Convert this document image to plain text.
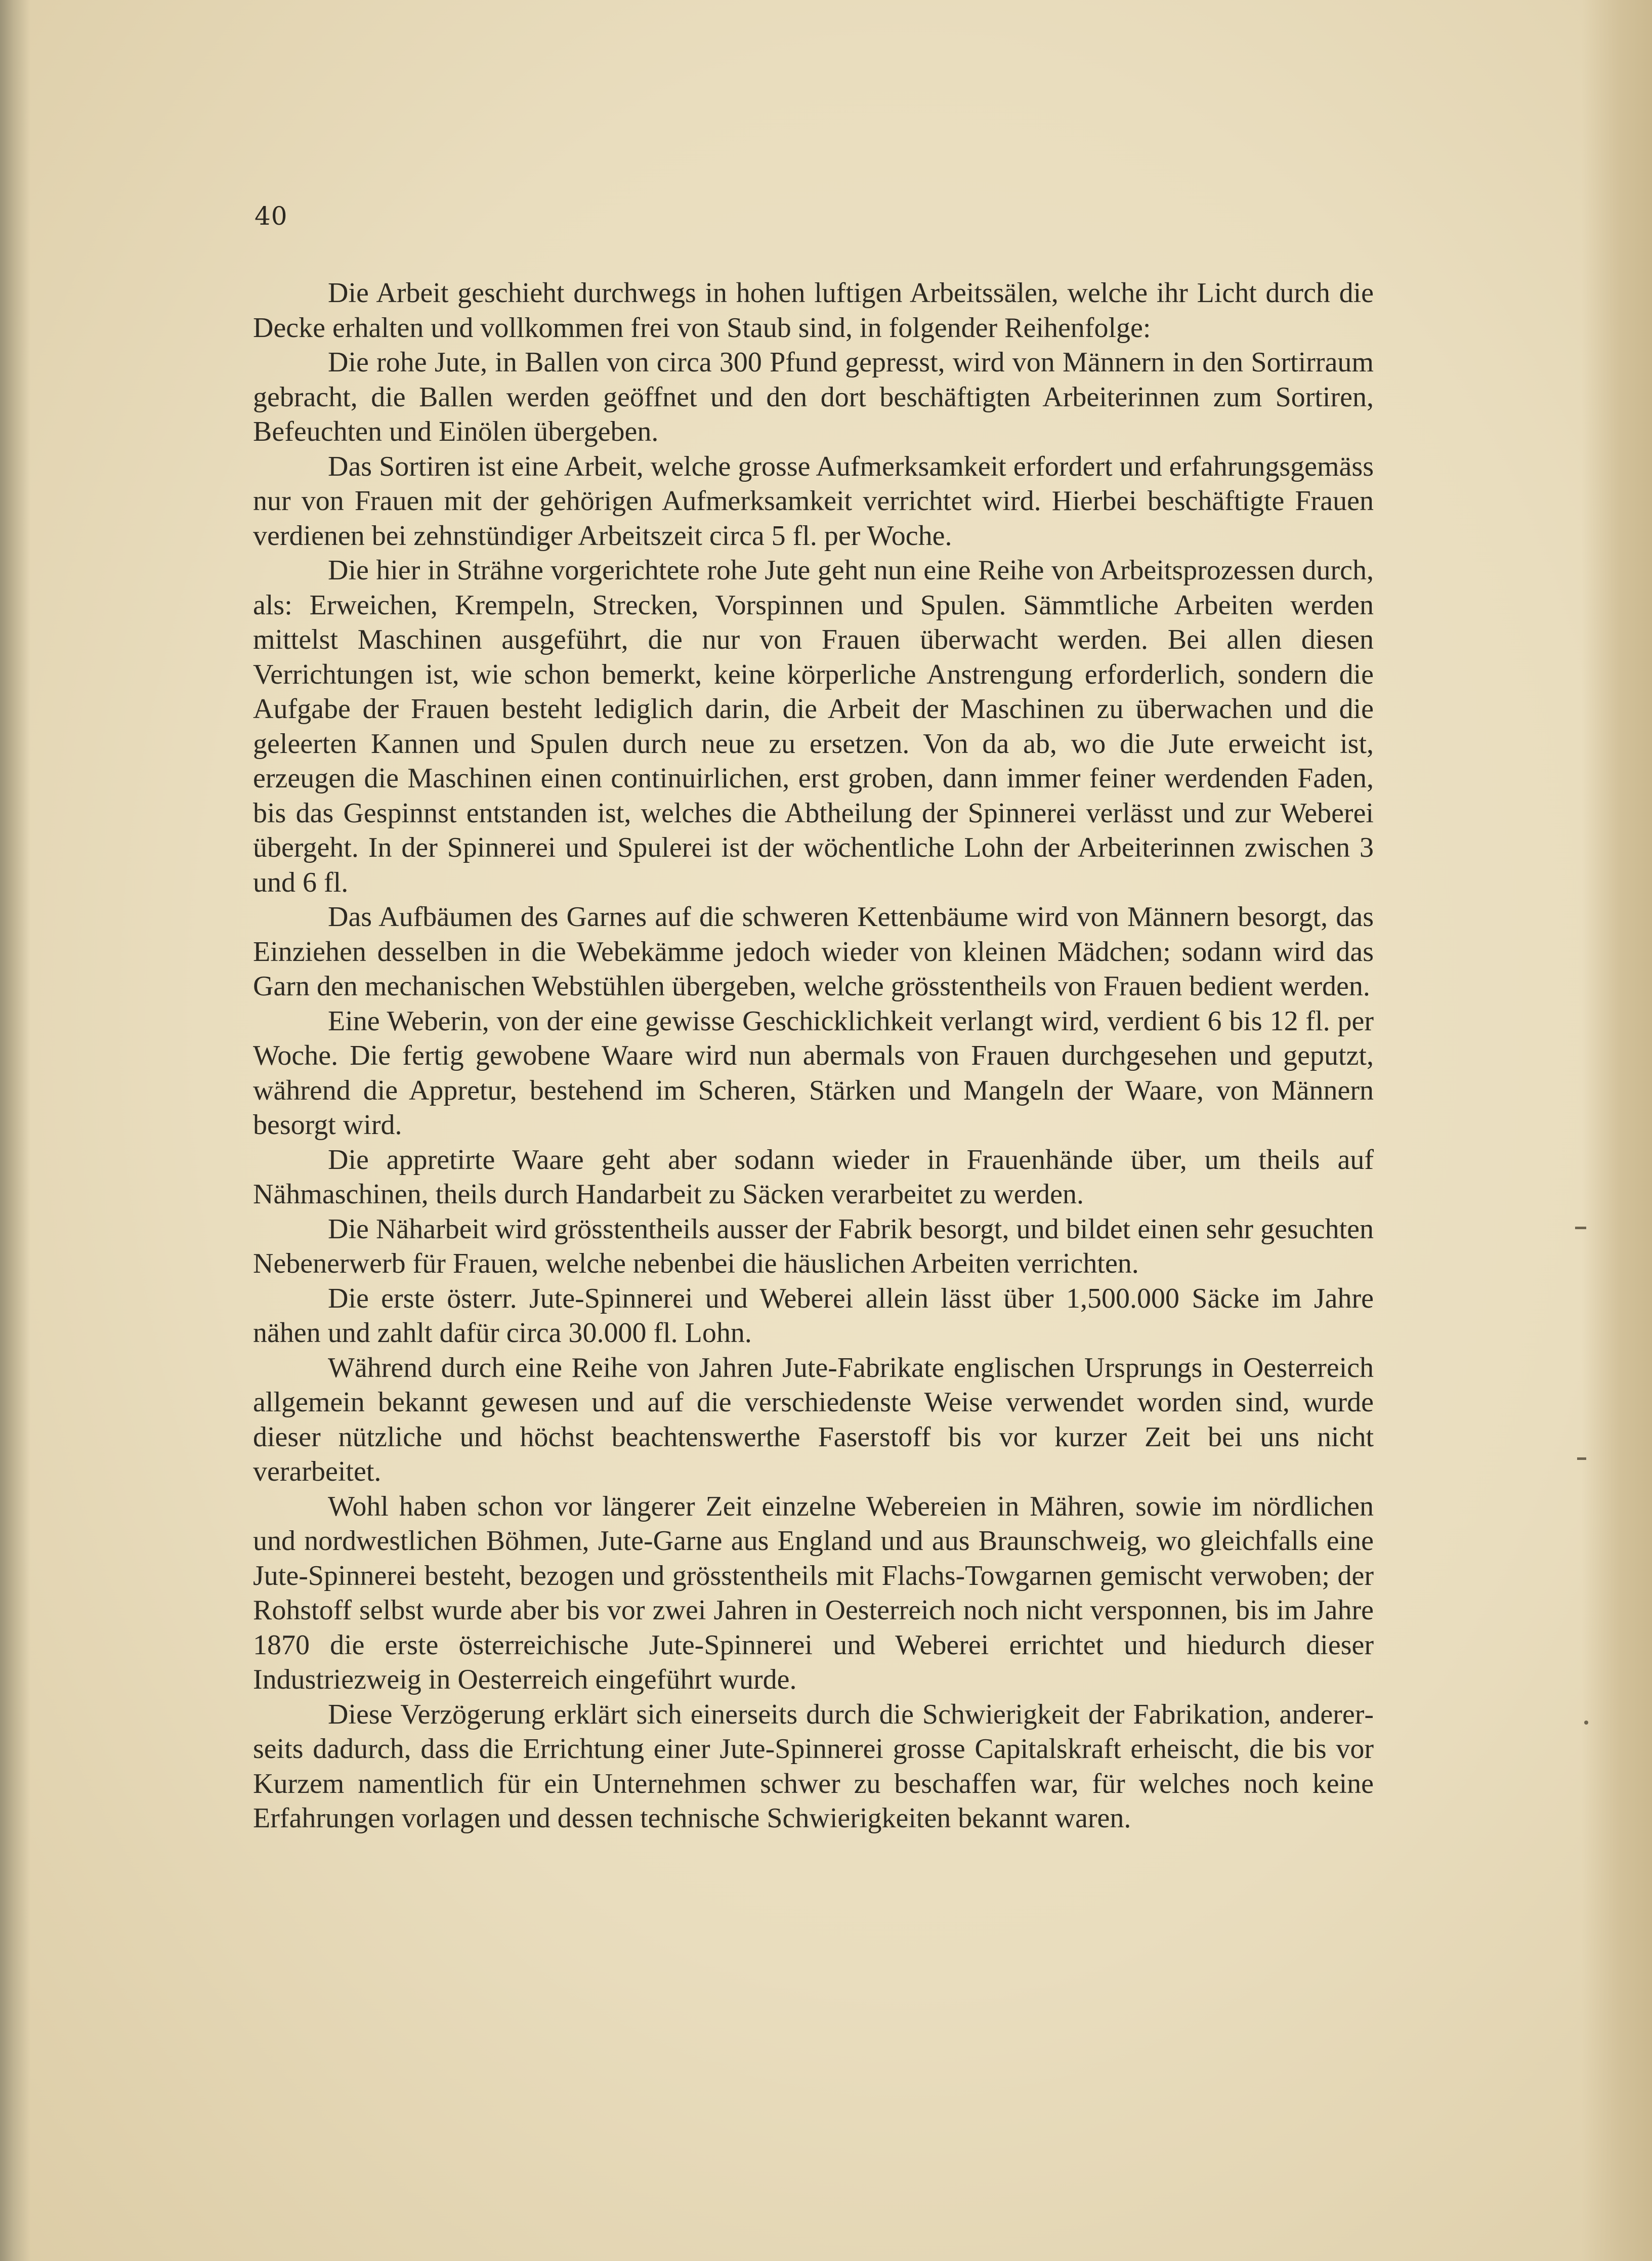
40

Die Arbeit geschieht durchwegs in hohen luftigen Arbeitssälen, welche ihr Licht durch die Decke erhalten und vollkommen frei von Staub sind, in folgender Reihenfolge:

Die rohe Jute, in Ballen von circa 300 Pfund gepresst, wird von Männern in den Sortirraum gebracht, die Ballen werden geöffnet und den dort beschäftigten Arbeiterinnen zum Sortiren, Befeuchten und Einölen übergeben.

Das Sortiren ist eine Arbeit, welche grosse Aufmerksamkeit erfordert und erfahrungsgemäss nur von Frauen mit der gehörigen Aufmerksamkeit verrichtet wird. Hierbei beschäftigte Frauen verdienen bei zehnstündiger Arbeitszeit circa 5 fl. per Woche.

Die hier in Strähne vorgerichtete rohe Jute geht nun eine Reihe von Arbeitsprozessen durch, als: Erweichen, Krempeln, Strecken, Vorspinnen und Spulen. Sämmtliche Arbeiten werden mittelst Maschinen ausgeführt, die nur von Frauen überwacht werden. Bei allen diesen Verrichtungen ist, wie schon bemerkt, keine körperliche Anstrengung erforderlich, sondern die Aufgabe der Frauen besteht lediglich darin, die Arbeit der Maschinen zu überwachen und die geleerten Kannen und Spulen durch neue zu ersetzen. Von da ab, wo die Jute erweicht ist, erzeugen die Maschinen einen continuirlichen, erst groben, dann immer feiner werdenden Faden, bis das Gespinnst entstanden ist, welches die Abtheilung der Spinnerei verlässt und zur Weberei übergeht. In der Spinnerei und Spulerei ist der wöchentliche Lohn der Arbeiterinnen zwischen 3 und 6 fl.

Das Aufbäumen des Garnes auf die schweren Kettenbäume wird von Männern besorgt, das Einziehen desselben in die Webekämme jedoch wieder von kleinen Mädchen; sodann wird das Garn den mechanischen Webstühlen übergeben, welche grösstentheils von Frauen bedient werden.

Eine Weberin, von der eine gewisse Geschicklichkeit verlangt wird, verdient 6 bis 12 fl. per Woche. Die fertig gewobene Waare wird nun abermals von Frauen durchgesehen und geputzt, während die Appretur, bestehend im Scheren, Stärken und Mangeln der Waare, von Männern besorgt wird.

Die appretirte Waare geht aber sodann wieder in Frauenhände über, um theils auf Nähmaschinen, theils durch Handarbeit zu Säcken verarbeitet zu werden.

Die Näharbeit wird grösstentheils ausser der Fabrik besorgt, und bildet einen sehr gesuchten Nebenerwerb für Frauen, welche nebenbei die häuslichen Arbeiten verrichten.

Die erste österr. Jute-Spinnerei und Weberei allein lässt über 1,500.000 Säcke im Jahre nähen und zahlt dafür circa 30.000 fl. Lohn.

Während durch eine Reihe von Jahren Jute-Fabrikate englischen Ursprungs in Oesterreich allgemein bekannt gewesen und auf die verschiedenste Weise verwendet worden sind, wurde dieser nützliche und höchst beachtenswerthe Faserstoff bis vor kurzer Zeit bei uns nicht verarbeitet.

Wohl haben schon vor längerer Zeit einzelne Webereien in Mähren, sowie im nördlichen und nordwestlichen Böhmen, Jute-Garne aus England und aus Braunschweig, wo gleichfalls eine Jute-Spinnerei besteht, bezogen und grösstentheils mit Flachs-Towgarnen gemischt verwoben; der Rohstoff selbst wurde aber bis vor zwei Jahren in Oesterreich noch nicht versponnen, bis im Jahre 1870 die erste österreichische Jute-Spinnerei und Weberei errichtet und hiedurch dieser Industriezweig in Oesterreich eingeführt wurde.

Diese Verzögerung erklärt sich einerseits durch die Schwierigkeit der Fabrikation, andererseits dadurch, dass die Errichtung einer Jute-Spinnerei grosse Capitalskraft erheischt, die bis vor Kurzem namentlich für ein Unternehmen schwer zu beschaffen war, für welches noch keine Erfahrungen vorlagen und dessen technische Schwierigkeiten bekannt waren.
